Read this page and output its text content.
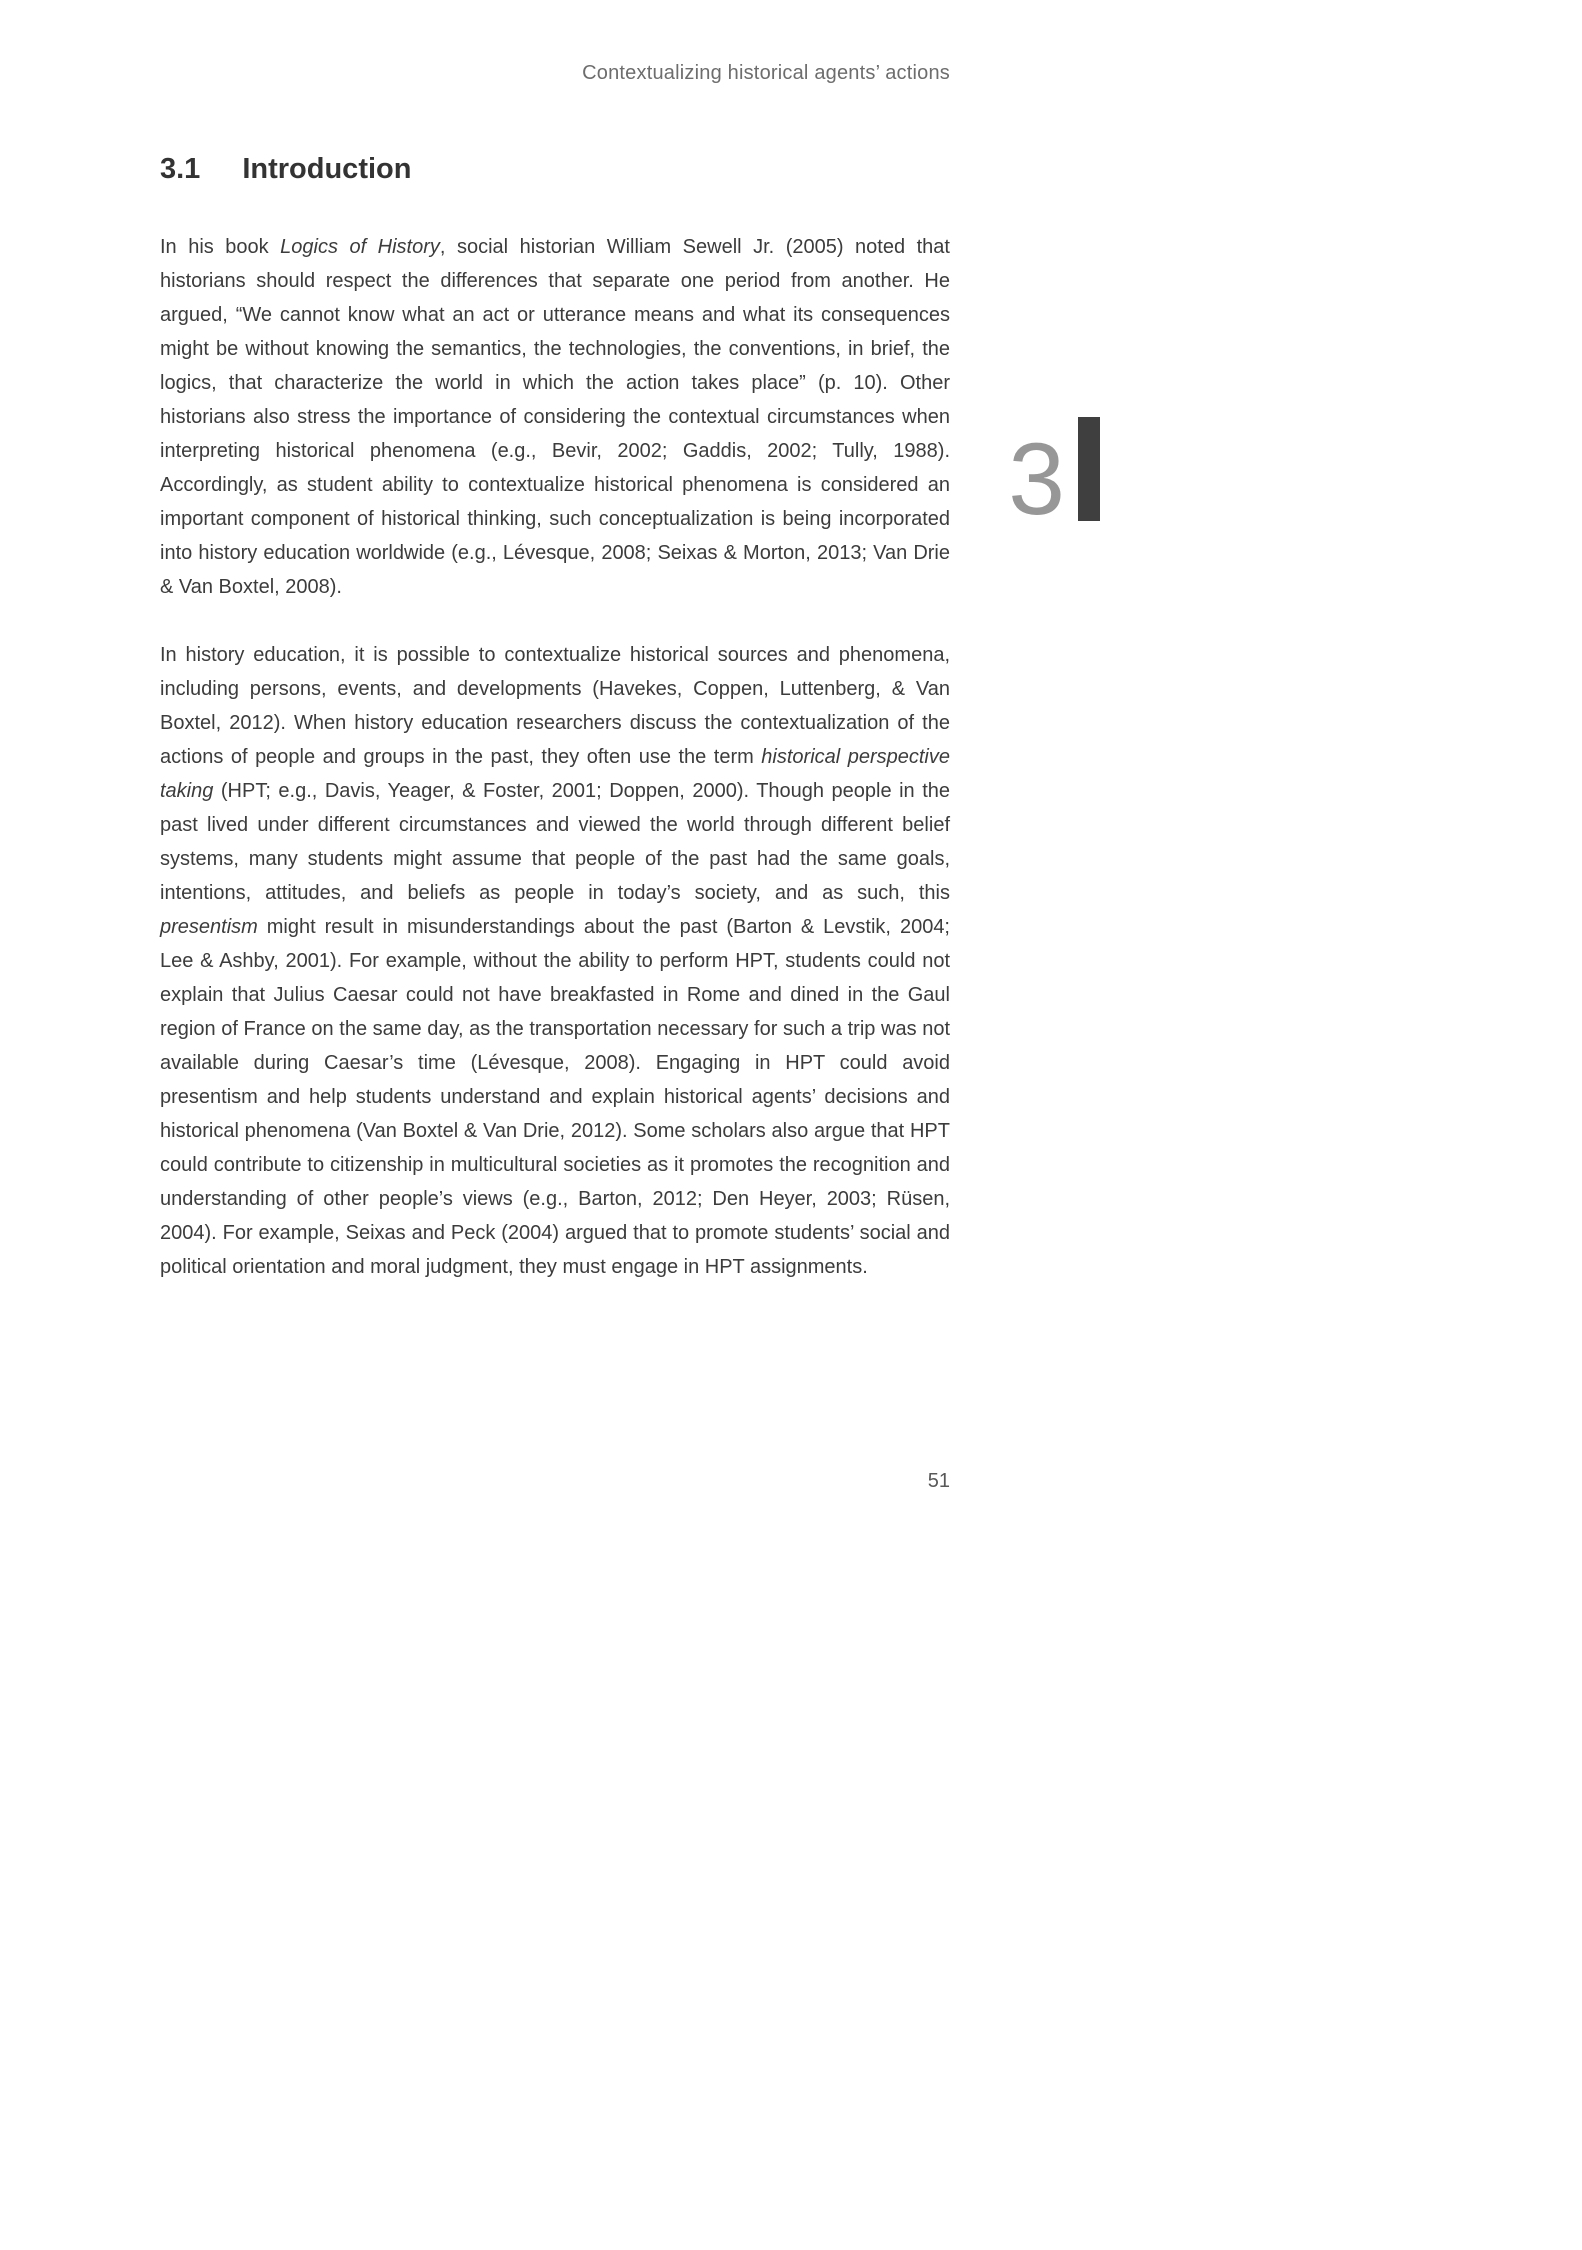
Contextualizing historical agents’ actions
3.1 Introduction

In his book Logics of History, social historian William Sewell Jr. (2005) noted that historians should respect the differences that separate one period from another. He argued, “We cannot know what an act or utterance means and what its consequences might be without knowing the semantics, the technologies, the conventions, in brief, the logics, that characterize the world in which the action takes place” (p. 10). Other historians also stress the importance of considering the contextual circumstances when interpreting historical phenomena (e.g., Bevir, 2002; Gaddis, 2002; Tully, 1988). Accordingly, as student ability to contextualize historical phenomena is considered an important component of historical thinking, such conceptualization is being incorporated into history education worldwide (e.g., Lévesque, 2008; Seixas & Morton, 2013; Van Drie & Van Boxtel, 2008).

In history education, it is possible to contextualize historical sources and phenomena, including persons, events, and developments (Havekes, Coppen, Luttenberg, & Van Boxtel, 2012). When history education researchers discuss the contextualization of the actions of people and groups in the past, they often use the term historical perspective taking (HPT; e.g., Davis, Yeager, & Foster, 2001; Doppen, 2000). Though people in the past lived under different circumstances and viewed the world through different belief systems, many students might assume that people of the past had the same goals, intentions, attitudes, and beliefs as people in today’s society, and as such, this presentism might result in misunderstandings about the past (Barton & Levstik, 2004; Lee & Ashby, 2001). For example, without the ability to perform HPT, students could not explain that Julius Caesar could not have breakfasted in Rome and dined in the Gaul region of France on the same day, as the transportation necessary for such a trip was not available during Caesar’s time (Lévesque, 2008). Engaging in HPT could avoid presentism and help students understand and explain historical agents’ decisions and historical phenomena (Van Boxtel & Van Drie, 2012). Some scholars also argue that HPT could contribute to citizenship in multicultural societies as it promotes the recognition and understanding of other people’s views (e.g., Barton, 2012; Den Heyer, 2003; Rüsen, 2004). For example, Seixas and Peck (2004) argued that to promote students’ social and political orientation and moral judgment, they must engage in HPT assignments.

3
51
